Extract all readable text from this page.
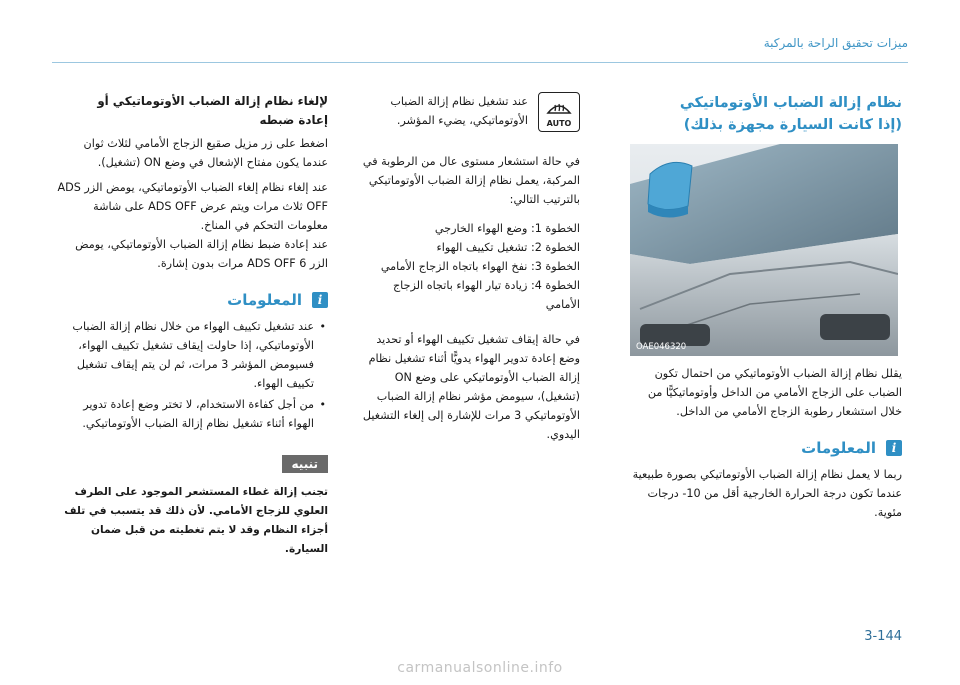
ميزات تحقيق الراحة بالمركبة
نظام إزالة الضباب الأوتوماتيكي
(إذا كانت السيارة مجهزة بذلك)
OAE046320

يقلل نظام إزالة الضباب الأوتوماتيكي من احتمال تكون الضباب على الزجاج الأمامي من الداخل وأوتوماتيكيًّا من خلال استشعار رطوبة الزجاج الأمامي من الداخل.

i
المعلومات

ربما لا يعمل نظام إزالة الضباب الأوتوماتيكي بصورة طبيعية عندما تكون درجة الحرارة الخارجية أقل من ‎-10 درجات مئوية.

AUTO

عند تشغيل نظام إزالة الضباب الأوتوماتيكي، يضيء المؤشر.

في حالة استشعار مستوى عال من الرطوبة في المركبة، يعمل نظام إزالة الضباب الأوتوماتيكي بالترتيب التالي:

الخطوة 1: وضع الهواء الخارجي

الخطوة 2: تشغيل تكييف الهواء

الخطوة 3: نفخ الهواء باتجاه الزجاج الأمامي

الخطوة 4: زيادة تيار الهواء باتجاه الزجاج الأمامي

في حالة إيقاف تشغيل تكييف الهواء أو تحديد وضع إعادة تدوير الهواء يدويًّا أثناء تشغيل نظام إزالة الضباب الأوتوماتيكي على وضع ON (تشغيل)، سيومض مؤشر نظام إزالة الضباب الأوتوماتيكي 3 مرات للإشارة إلى إلغاء التشغيل اليدوي.

لإلغاء نظام إزالة الضباب الأوتوماتيكي أو
إعادة ضبطه

اضغط على زر مزيل صقيع الزجاج الأمامي لثلاث ثوان عندما يكون مفتاح الإشعال في وضع ON (تشغيل).

عند إلغاء نظام إلغاء الضباب الأوتوماتيكي، يومض الزر ADS OFF ثلاث مرات ويتم عرض ADS OFF على شاشة معلومات التحكم في المناخ.

عند إعادة ضبط نظام إزالة الضباب الأوتوماتيكي، يومض الزر ADS OFF 6 مرات بدون إشارة.

i
المعلومات
• عند تشغيل تكييف الهواء من خلال نظام إزالة الضباب الأوتوماتيكي، إذا حاولت إيقاف تشغيل تكييف الهواء، فسيومض المؤشر 3 مرات، ثم لن يتم إيقاف تشغيل تكييف الهواء.
• من أجل كفاءة الاستخدام، لا تختر وضع إعادة تدوير الهواء أثناء تشغيل نظام إزالة الضباب الأوتوماتيكي.
تنبيه

تجنب إزالة غطاء المستشعر الموجود على الطرف العلوي للزجاج الأمامي. لأن ذلك قد يتسبب في تلف أجزاء النظام وقد لا يتم تغطيته من قبل ضمان السيارة.

3-144
carmanualsonline.info
